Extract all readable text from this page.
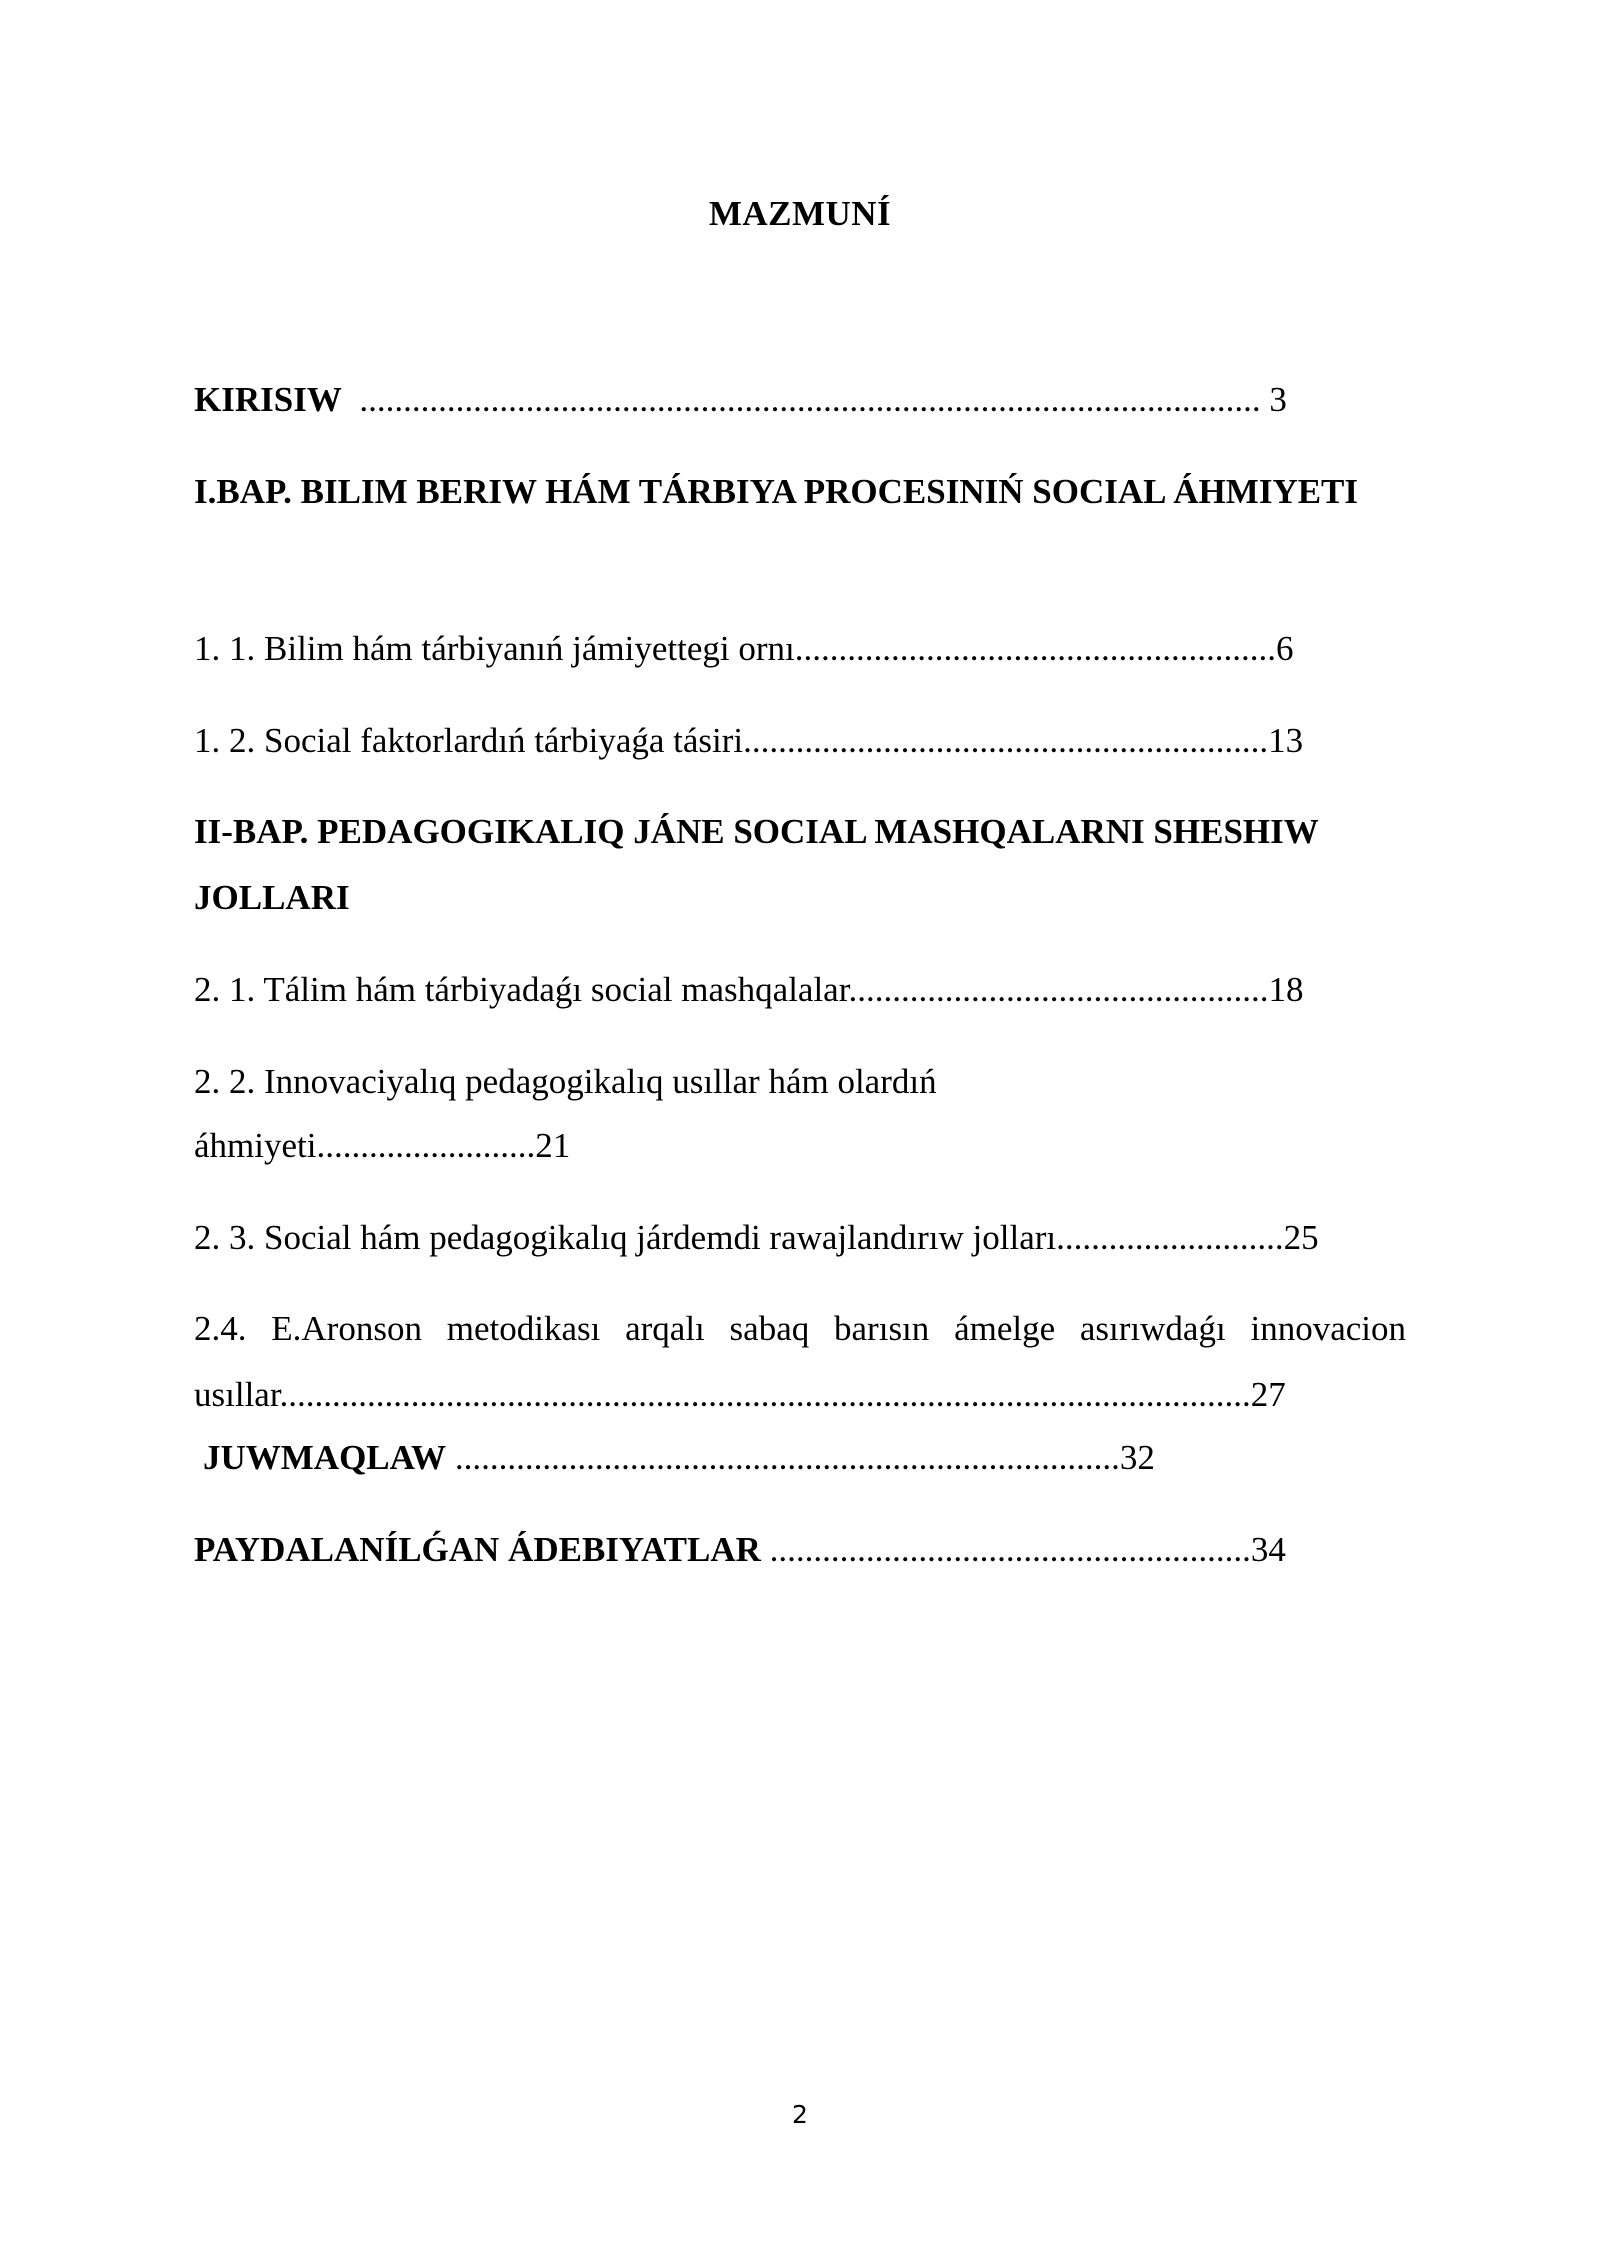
MAZMUNÍ
KIRISIW  ....................................................................................................... 3
I.BAP. BILIM BERIW HÁM TÁRBIYA PROCESINIŃ SOCIAL ÁHMIYETI
1. 1. Bilim hám tárbiyanıń jámiyettegi ornı.......................................................6
1. 2. Social faktorlardıń tárbiyaǵa tásiri............................................................13
II-BAP. PEDAGOGIKALIQ JÁNE SOCIAL MASHQALARNI SHESHIW JOLLARI
2. 1. Tálim hám tárbiyadaǵı social mashqalalar................................................18
2. 2. Innovaciyalıq pedagogikalıq usıllar hám olardıń
áhmiyeti.........................21
2. 3. Social hám pedagogikalıq járdemdi rawajlandırıw jolları..........................25
2.4. E.Aronson metodikası arqalı sabaq barısın ámelge asırıwdaǵı innovacion usıllar...............................................................................................................27
JUWMAQLAW ............................................................................32
PAYDALANÍLǴAN ÁDEBIYATLAR .......................................................34
2
